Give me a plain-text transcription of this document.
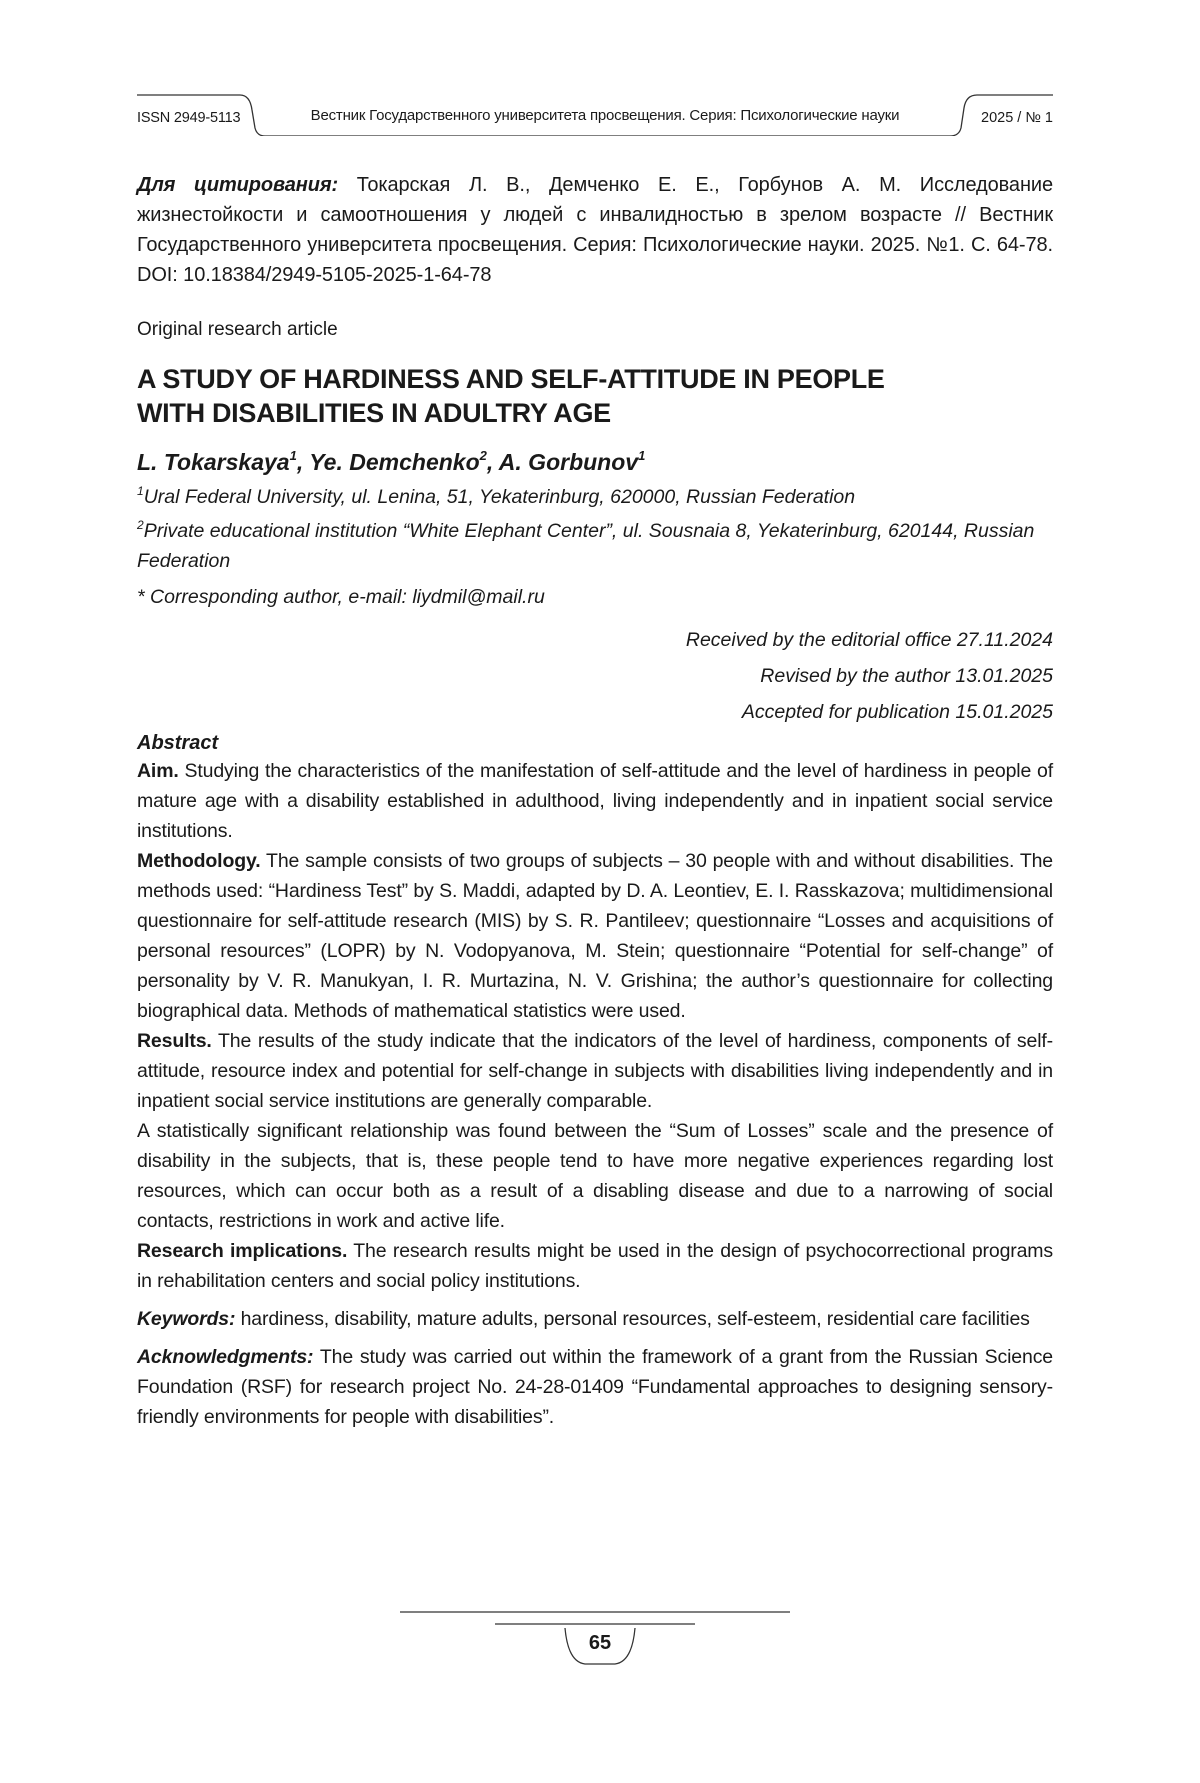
ISSN 2949-5113	Вестник Государственного университета просвещения. Серия: Психологические науки	2025 / № 1
Для цитирования: Токарская Л. В., Демченко Е. Е., Горбунов А. М. Исследование жизнестойкости и самоотношения у людей с инвалидностью в зрелом возрасте // Вестник Государственного университета просвещения. Серия: Психологические науки. 2025. №1. С. 64-78. DOI: 10.18384/2949-5105-2025-1-64-78
Original research article
A STUDY OF HARDINESS AND SELF-ATTITUDE IN PEOPLE
WITH DISABILITIES IN ADULTRY AGE
L. Tokarskaya$^1$, Ye. Demchenko$^2$, A. Gorbunov$^1$
$^1$Ural Federal University, ul. Lenina, 51, Yekaterinburg, 620000, Russian Federation
$^2$Private educational institution “White Elephant Center”, ul. Sousnaia 8, Yekaterinburg, 620144, Russian Federation
* Corresponding author, e-mail: liydmil@mail.ru
Received by the editorial office 27.11.2024
Revised by the author 13.01.2025
Accepted for publication 15.01.2025
Abstract
Aim. Studying the characteristics of the manifestation of self-attitude and the level of hardiness in people of mature age with a disability established in adulthood, living independently and in inpatient social service institutions.
Methodology. The sample consists of two groups of subjects – 30 people with and without disabilities. The methods used: “Hardiness Test” by S. Maddi, adapted by D. A. Leontiev, E. I. Rasskazova; multidimensional questionnaire for self-attitude research (MIS) by S. R. Pantileev; questionnaire “Losses and acquisitions of personal resources” (LOPR) by N. Vodopyanova, M. Stein; questionnaire “Potential for self-change” of personality by V. R. Manukyan, I. R. Murtazina, N. V. Grishina; the author’s questionnaire for collecting biographical data. Methods of mathematical statistics were used.
Results. The results of the study indicate that the indicators of the level of hardiness, components of self-attitude, resource index and potential for self-change in subjects with disabilities living independently and in inpatient social service institutions are generally comparable.
A statistically significant relationship was found between the “Sum of Losses” scale and the presence of disability in the subjects, that is, these people tend to have more negative experiences regarding lost resources, which can occur both as a result of a disabling disease and due to a narrowing of social contacts, restrictions in work and active life.
Research implications. The research results might be used in the design of psychocorrectional programs in rehabilitation centers and social policy institutions.
Keywords: hardiness, disability, mature adults, personal resources, self-esteem, residential care facilities
Acknowledgments: The study was carried out within the framework of a grant from the Russian Science Foundation (RSF) for research project No. 24-28-01409 “Fundamental approaches to designing sensory-friendly environments for people with disabilities”.
65
